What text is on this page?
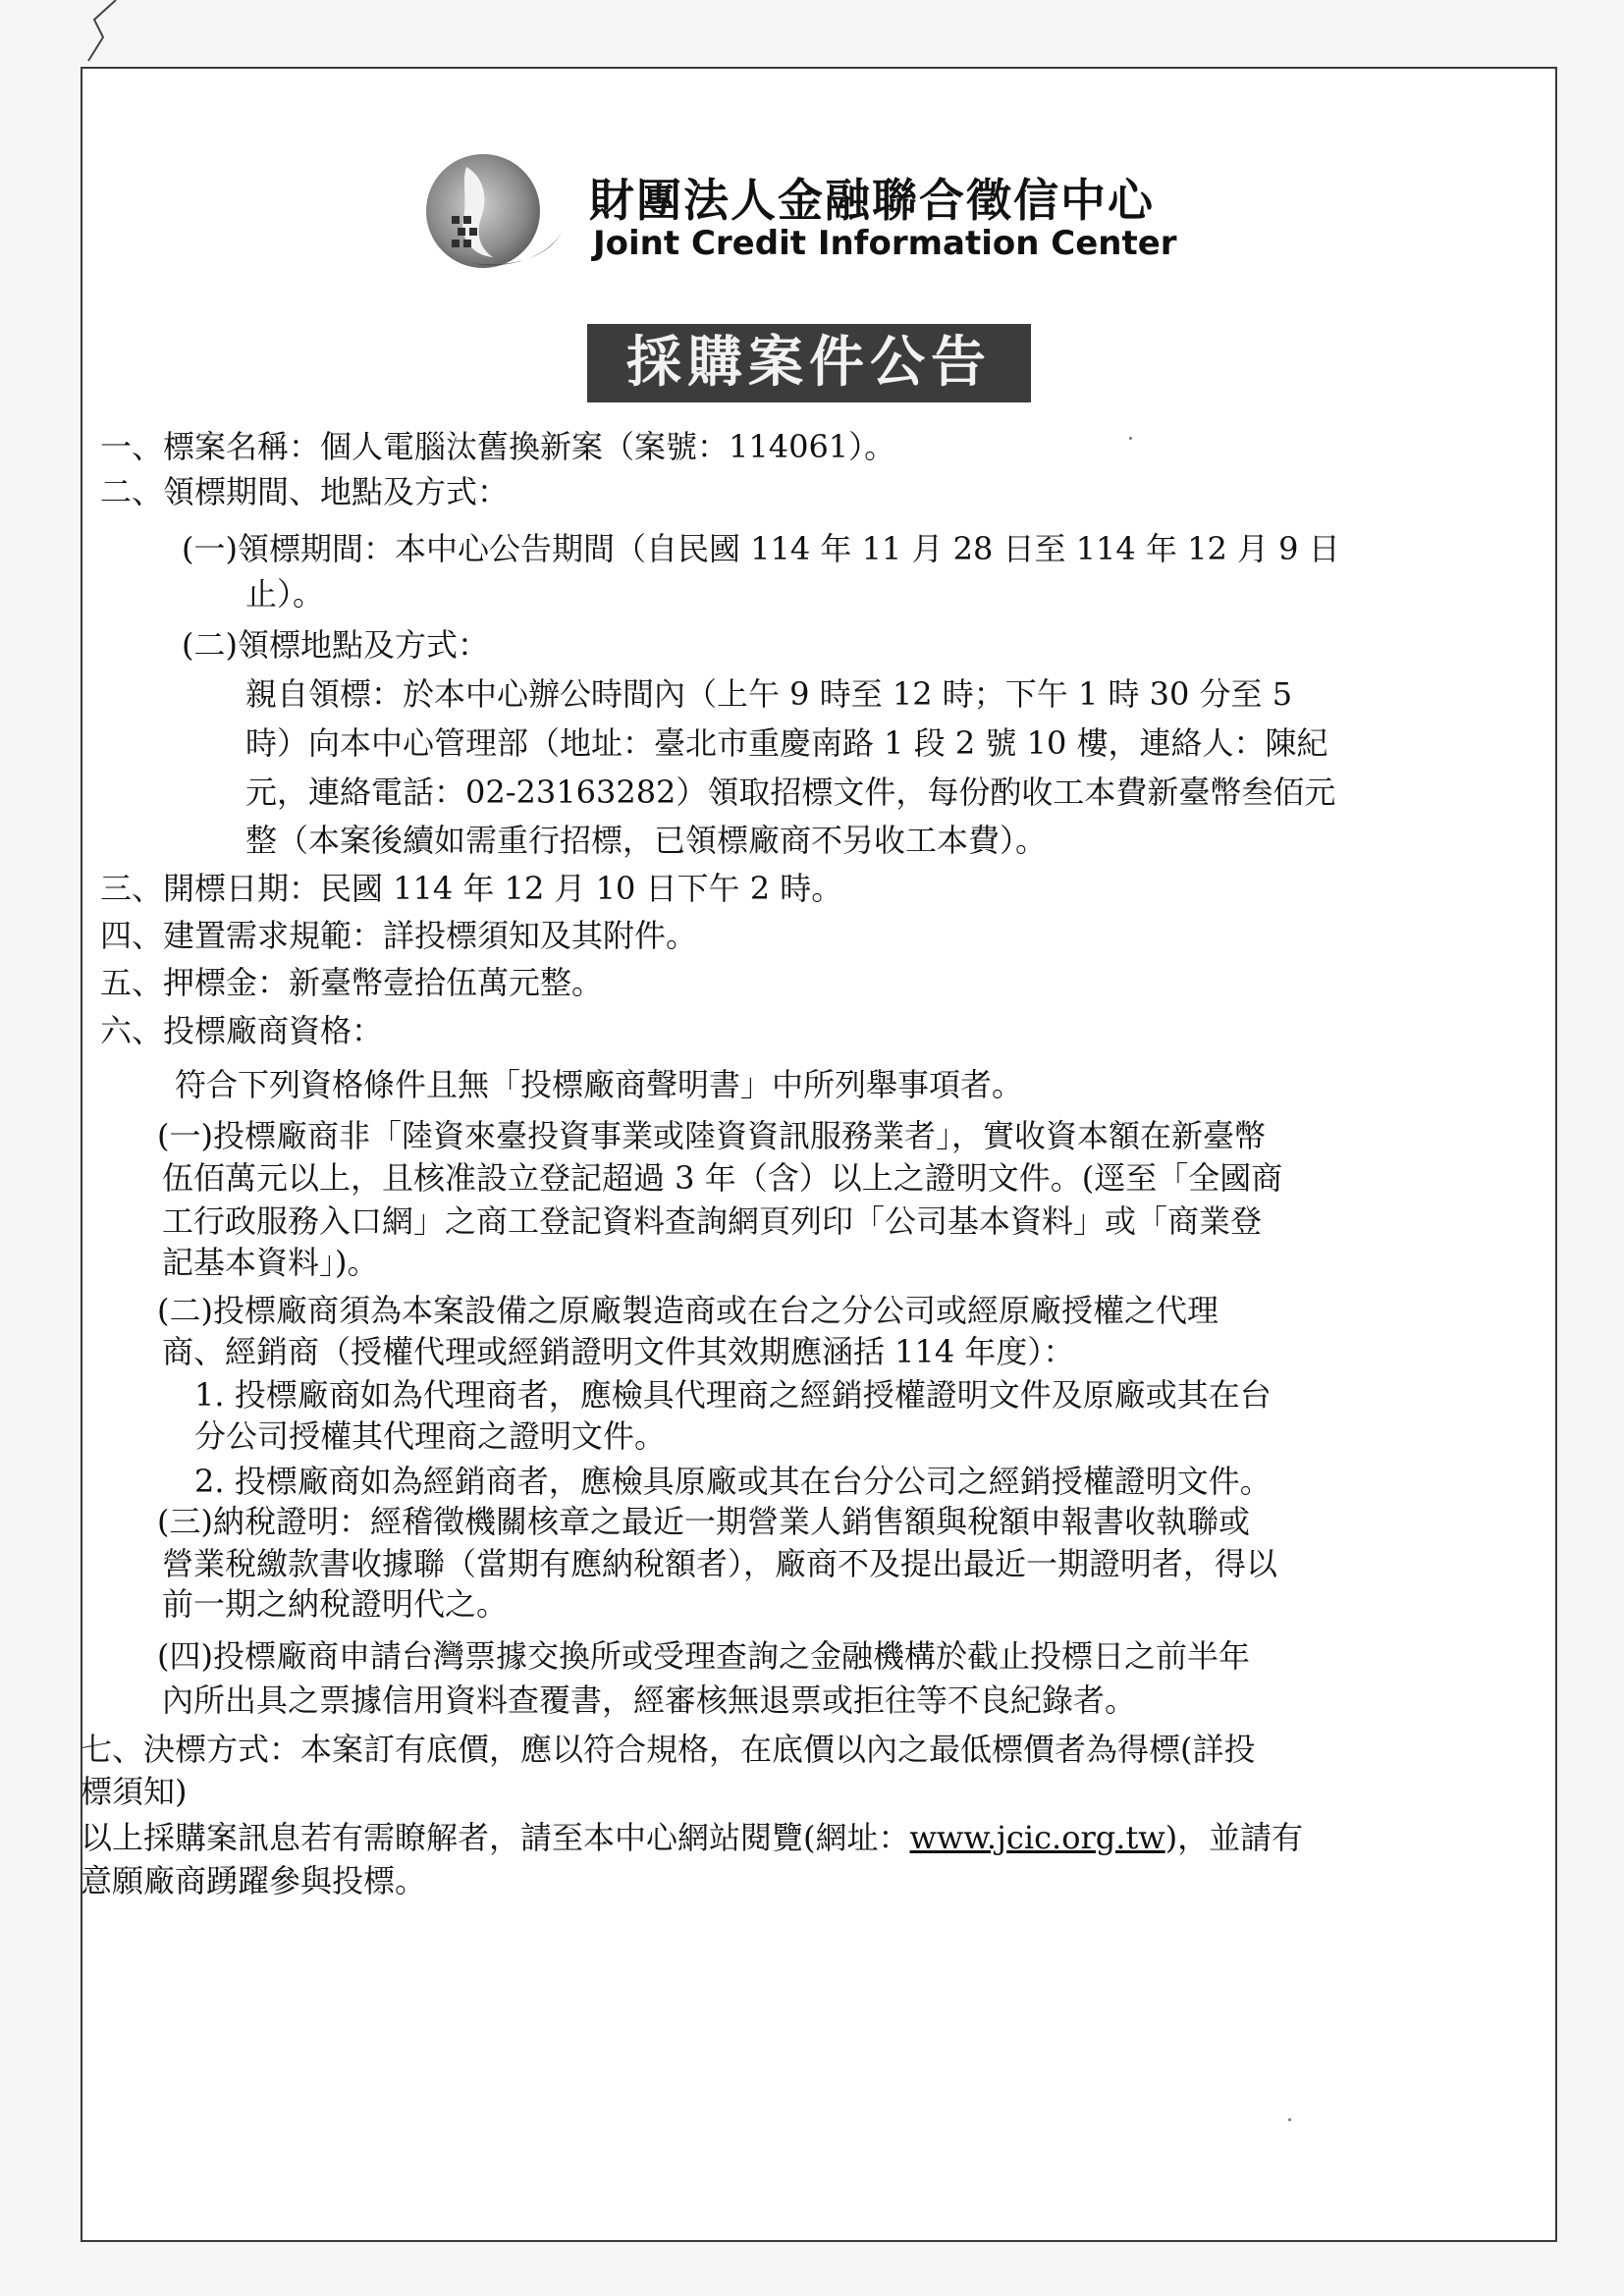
財團法人金融聯合徵信中心
Joint Credit Information Center
採購案件公告
一、標案名稱：個人電腦汰舊換新案（案號：114061）。
二、領標期間、地點及方式：
(一)領標期間：本中心公告期間（自民國 114 年 11 月 28 日至 114 年 12 月 9 日
止）。
(二)領標地點及方式：
親自領標：於本中心辦公時間內（上午 9 時至 12 時；下午 1 時 30 分至 5
時）向本中心管理部（地址：臺北市重慶南路 1 段 2 號 10 樓，連絡人：陳紀
元，連絡電話：02-23163282）領取招標文件，每份酌收工本費新臺幣叁佰元
整（本案後續如需重行招標，已領標廠商不另收工本費）。
三、開標日期：民國 114 年 12 月 10 日下午 2 時。
四、建置需求規範：詳投標須知及其附件。
五、押標金：新臺幣壹拾伍萬元整。
六、投標廠商資格：
符合下列資格條件且無「投標廠商聲明書」中所列舉事項者。
(一)投標廠商非「陸資來臺投資事業或陸資資訊服務業者」，實收資本額在新臺幣
伍佰萬元以上，且核准設立登記超過 3 年（含）以上之證明文件。(逕至「全國商
工行政服務入口網」之商工登記資料查詢網頁列印「公司基本資料」或「商業登
記基本資料」)。
(二)投標廠商須為本案設備之原廠製造商或在台之分公司或經原廠授權之代理
商、經銷商（授權代理或經銷證明文件其效期應涵括 114 年度）：
1. 投標廠商如為代理商者，應檢具代理商之經銷授權證明文件及原廠或其在台
分公司授權其代理商之證明文件。
2. 投標廠商如為經銷商者，應檢具原廠或其在台分公司之經銷授權證明文件。
(三)納稅證明：經稽徵機關核章之最近一期營業人銷售額與稅額申報書收執聯或
營業稅繳款書收據聯（當期有應納稅額者），廠商不及提出最近一期證明者，得以
前一期之納稅證明代之。
(四)投標廠商申請台灣票據交換所或受理查詢之金融機構於截止投標日之前半年
內所出具之票據信用資料查覆書，經審核無退票或拒往等不良紀錄者。
七、決標方式：本案訂有底價，應以符合規格，在底價以內之最低標價者為得標(詳投
標須知)
以上採購案訊息若有需瞭解者，請至本中心網站閱覽(網址：www.jcic.org.tw)，並請有
意願廠商踴躍參與投標。
